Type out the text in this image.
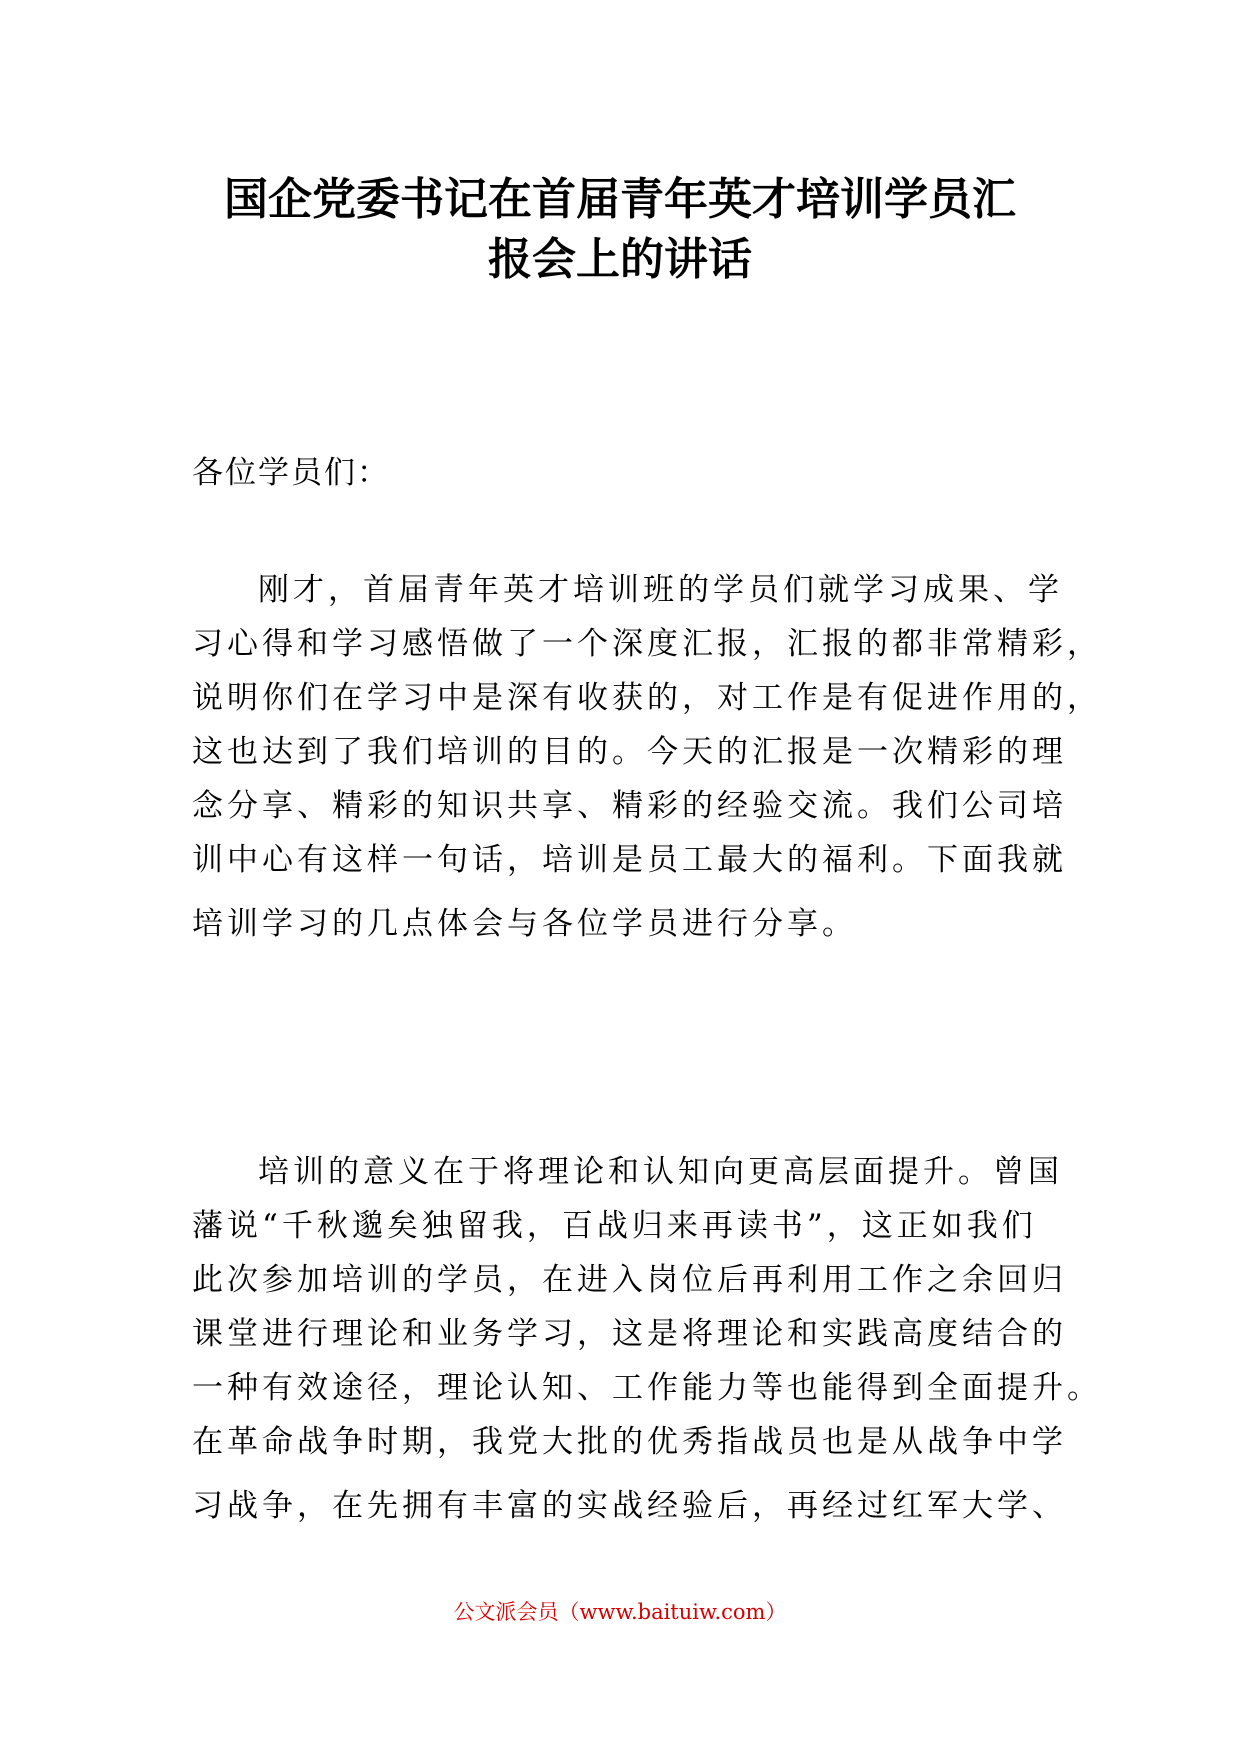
国企党委书记在首届青年英才培训学员汇
报会上的讲话
各位学员们：
刚才，首届青年英才培训班的学员们就学习成果、学
习心得和学习感悟做了一个深度汇报，汇报的都非常精彩，
说明你们在学习中是深有收获的，对工作是有促进作用的，
这也达到了我们培训的目的。今天的汇报是一次精彩的理
念分享、精彩的知识共享、精彩的经验交流。我们公司培
训中心有这样一句话，培训是员工最大的福利。下面我就
培训学习的几点体会与各位学员进行分享。
培训的意义在于将理论和认知向更高层面提升。曾国
藩说“千秋邈矣独留我，百战归来再读书”，这正如我们
此次参加培训的学员，在进入岗位后再利用工作之余回归
课堂进行理论和业务学习，这是将理论和实践高度结合的
一种有效途径，理论认知、工作能力等也能得到全面提升。
在革命战争时期，我党大批的优秀指战员也是从战争中学
习战争，在先拥有丰富的实战经验后，再经过红军大学、
公文派会员（www.baituiw.com）
